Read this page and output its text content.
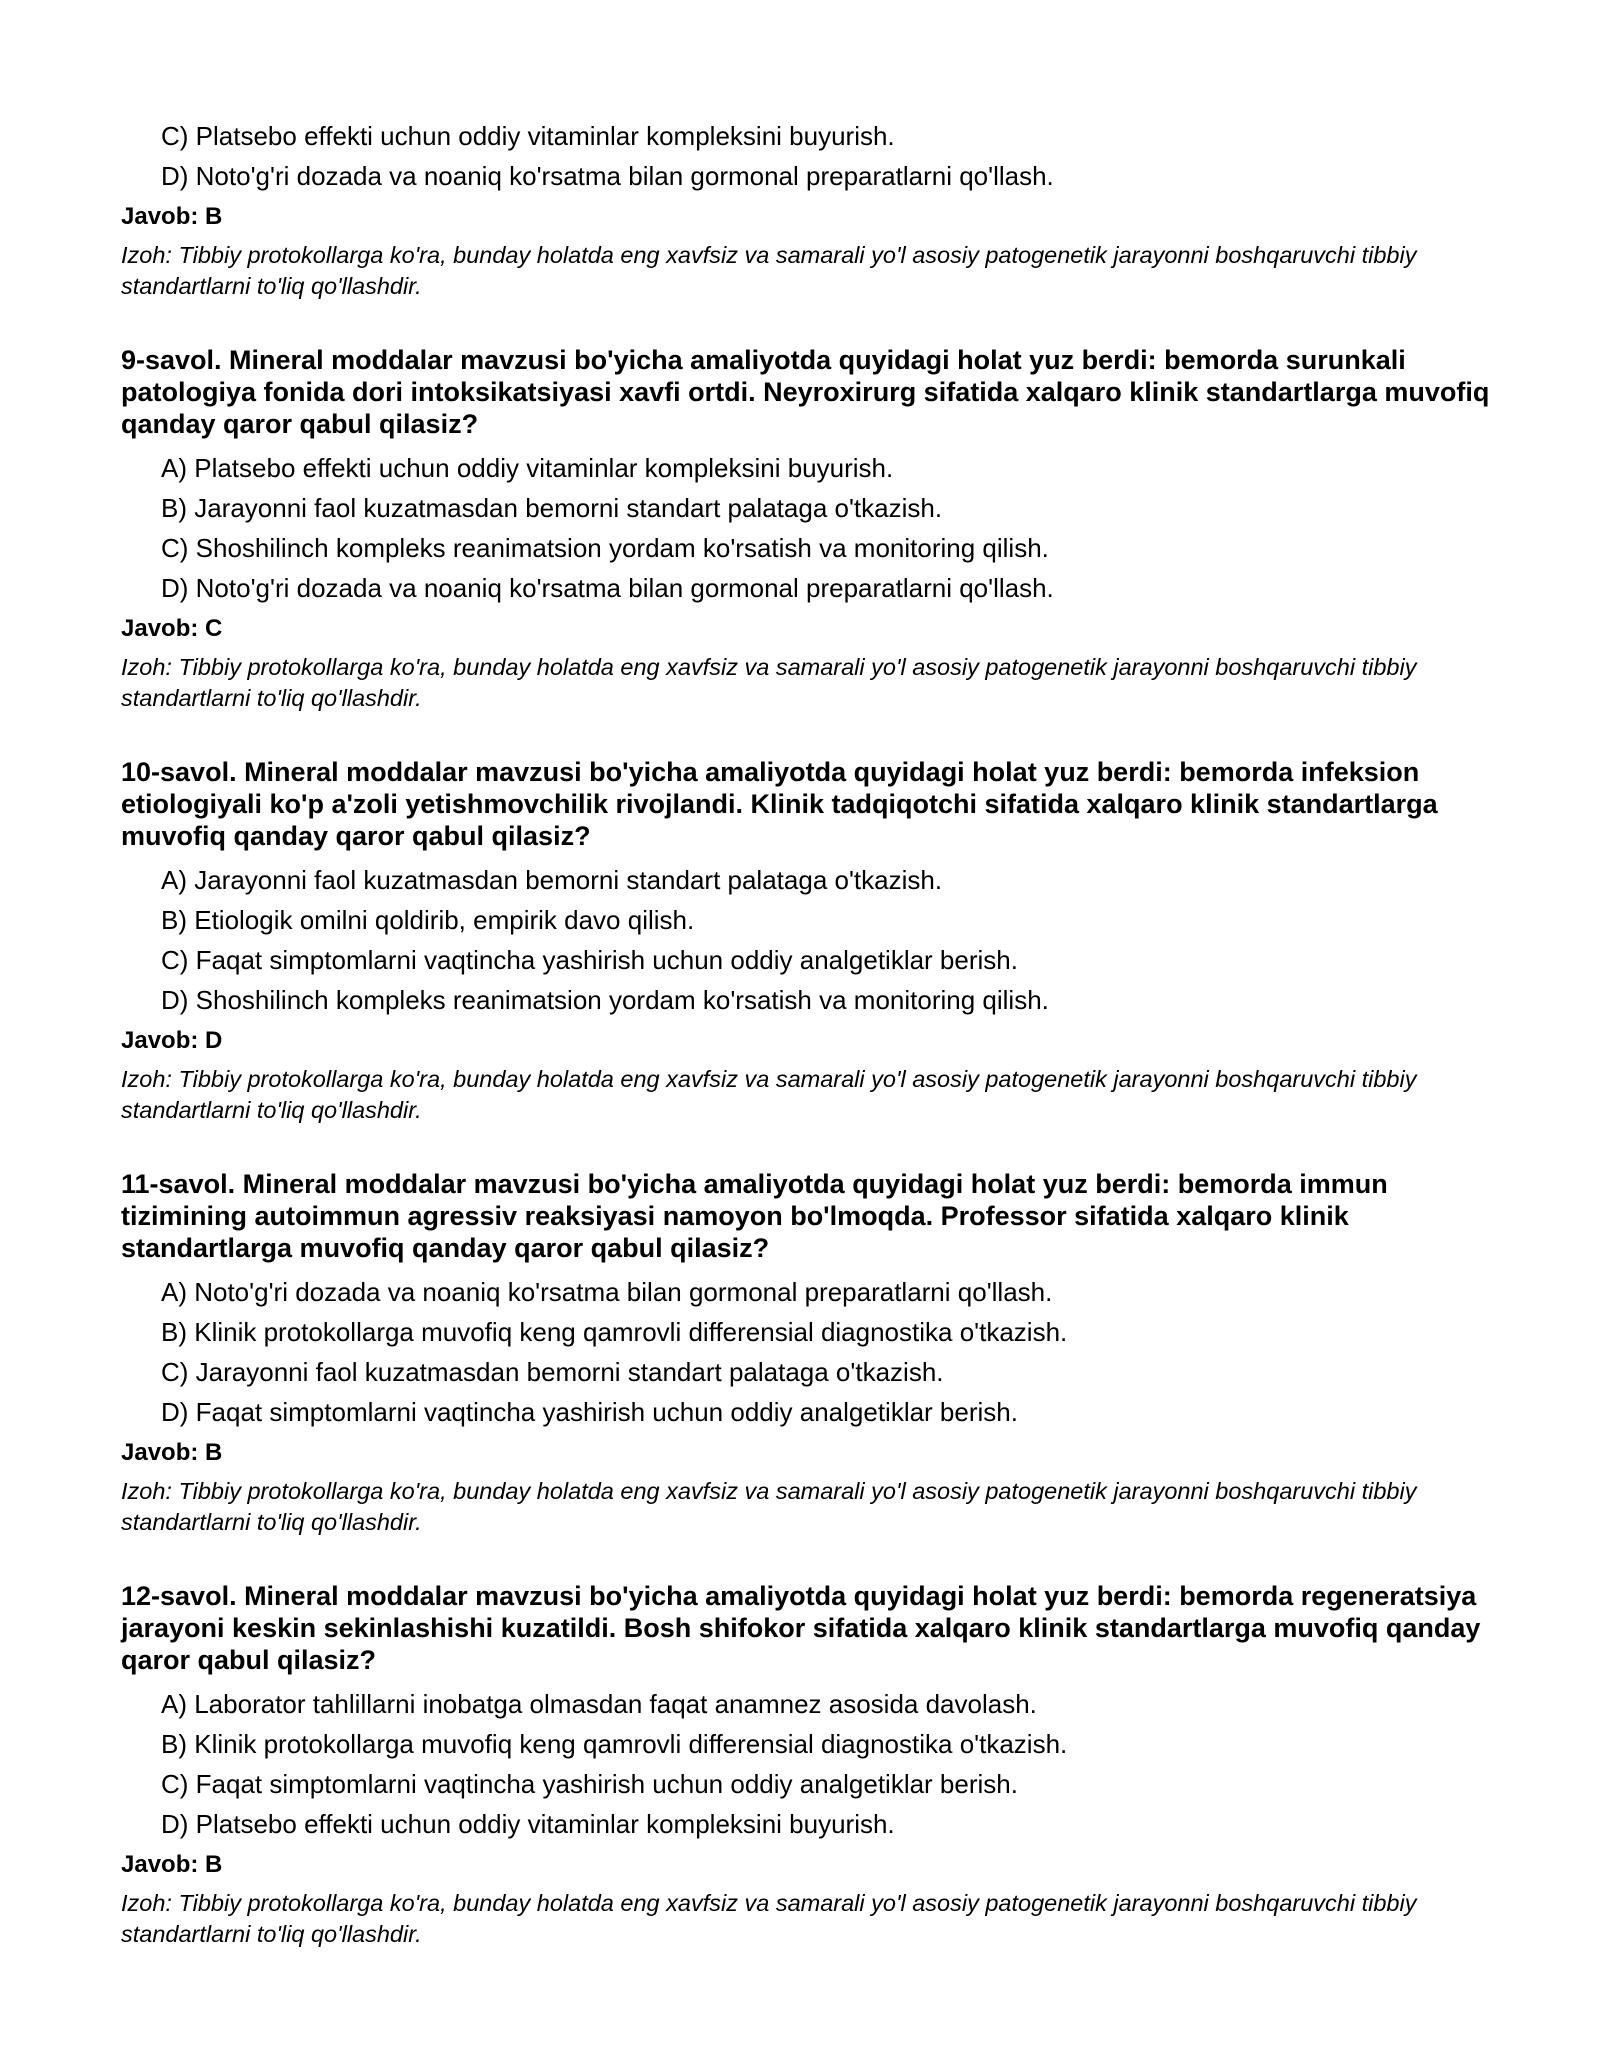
C) Platsebo effekti uchun oddiy vitaminlar kompleksini buyurish.
D) Noto'g'ri dozada va noaniq ko'rsatma bilan gormonal preparatlarni qo'llash.
Javob: B
Izoh: Tibbiy protokollarga ko'ra, bunday holatda eng xavfsiz va samarali yo'l asosiy patogenetik jarayonni boshqaruvchi tibbiy standartlarni to'liq qo'llashdir.
9-savol. Mineral moddalar mavzusi bo'yicha amaliyotda quyidagi holat yuz berdi: bemorda surunkali patologiya fonida dori intoksikatsiyasi xavfi ortdi. Neyroxirurg sifatida xalqaro klinik standartlarga muvofiq qanday qaror qabul qilasiz?
A) Platsebo effekti uchun oddiy vitaminlar kompleksini buyurish.
B) Jarayonni faol kuzatmasdan bemorni standart palataga o'tkazish.
C) Shoshilinch kompleks reanimatsion yordam ko'rsatish va monitoring qilish.
D) Noto'g'ri dozada va noaniq ko'rsatma bilan gormonal preparatlarni qo'llash.
Javob: C
Izoh: Tibbiy protokollarga ko'ra, bunday holatda eng xavfsiz va samarali yo'l asosiy patogenetik jarayonni boshqaruvchi tibbiy standartlarni to'liq qo'llashdir.
10-savol. Mineral moddalar mavzusi bo'yicha amaliyotda quyidagi holat yuz berdi: bemorda infeksion etiologiyali ko'p a'zoli yetishmovchilik rivojlandi. Klinik tadqiqotchi sifatida xalqaro klinik standartlarga muvofiq qanday qaror qabul qilasiz?
A) Jarayonni faol kuzatmasdan bemorni standart palataga o'tkazish.
B) Etiologik omilni qoldirib, empirik davo qilish.
C) Faqat simptomlarni vaqtincha yashirish uchun oddiy analgetiklar berish.
D) Shoshilinch kompleks reanimatsion yordam ko'rsatish va monitoring qilish.
Javob: D
Izoh: Tibbiy protokollarga ko'ra, bunday holatda eng xavfsiz va samarali yo'l asosiy patogenetik jarayonni boshqaruvchi tibbiy standartlarni to'liq qo'llashdir.
11-savol. Mineral moddalar mavzusi bo'yicha amaliyotda quyidagi holat yuz berdi: bemorda immun tizimining autoimmun agressiv reaksiyasi namoyon bo'lmoqda. Professor sifatida xalqaro klinik standartlarga muvofiq qanday qaror qabul qilasiz?
A) Noto'g'ri dozada va noaniq ko'rsatma bilan gormonal preparatlarni qo'llash.
B) Klinik protokollarga muvofiq keng qamrovli differensial diagnostika o'tkazish.
C) Jarayonni faol kuzatmasdan bemorni standart palataga o'tkazish.
D) Faqat simptomlarni vaqtincha yashirish uchun oddiy analgetiklar berish.
Javob: B
Izoh: Tibbiy protokollarga ko'ra, bunday holatda eng xavfsiz va samarali yo'l asosiy patogenetik jarayonni boshqaruvchi tibbiy standartlarni to'liq qo'llashdir.
12-savol. Mineral moddalar mavzusi bo'yicha amaliyotda quyidagi holat yuz berdi: bemorda regeneratsiya jarayoni keskin sekinlashishi kuzatildi. Bosh shifokor sifatida xalqaro klinik standartlarga muvofiq qanday qaror qabul qilasiz?
A) Laborator tahlillarni inobatga olmasdan faqat anamnez asosida davolash.
B) Klinik protokollarga muvofiq keng qamrovli differensial diagnostika o'tkazish.
C) Faqat simptomlarni vaqtincha yashirish uchun oddiy analgetiklar berish.
D) Platsebo effekti uchun oddiy vitaminlar kompleksini buyurish.
Javob: B
Izoh: Tibbiy protokollarga ko'ra, bunday holatda eng xavfsiz va samarali yo'l asosiy patogenetik jarayonni boshqaruvchi tibbiy standartlarni to'liq qo'llashdir.
